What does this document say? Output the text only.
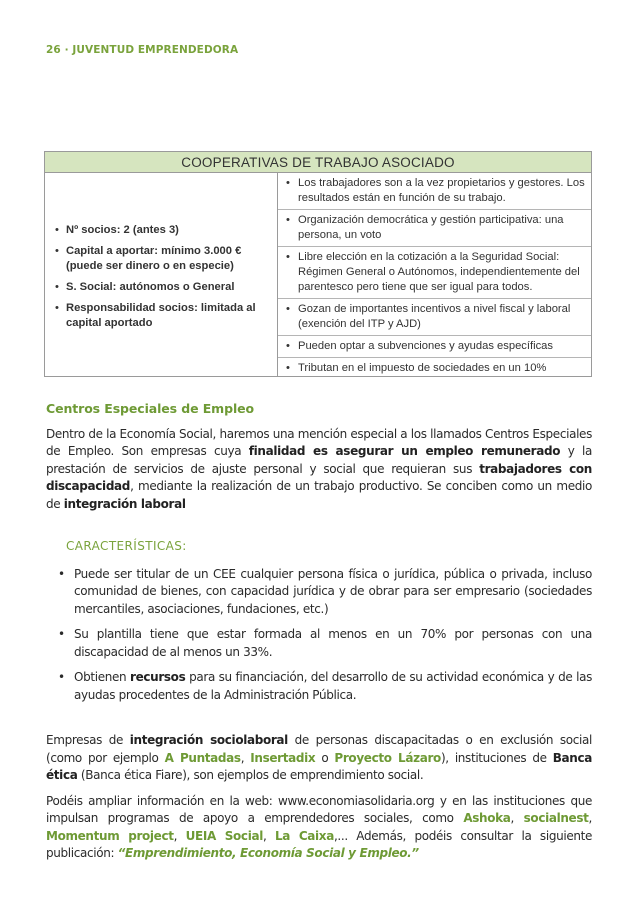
26 · JUVENTUD EMPRENDEDORA
COOPERATIVAS DE TRABAJO ASOCIADO
• Nº socios: 2 (antes 3)
• Capital a aportar: mínimo 3.000 € (puede ser dinero o en especie)
• S. Social: autónomos o General
• Responsabilidad socios: limitada al capital aportado
• Los trabajadores son a la vez propietarios y gestores. Los resultados están en función de su trabajo.
• Organización democrática y gestión participativa: una persona, un voto
• Libre elección en la cotización a la Seguridad Social: Régimen General o Autónomos, independientemente del parentesco pero tiene que ser igual para todos.
• Gozan de importantes incentivos a nivel fiscal y laboral (exención del ITP y AJD)
• Pueden optar a subvenciones y ayudas específicas
• Tributan en el impuesto de sociedades en un 10%
Centros Especiales de Empleo

Dentro de la Economía Social, haremos una mención especial a los llamados Centros Especiales de Empleo. Son empresas cuya finalidad es asegurar un empleo remunerado y la prestación de servicios de ajuste personal y social que requieran sus trabajadores con discapacidad, mediante la realización de un trabajo productivo. Se conciben como un medio de integración laboral

CARACTERÍSTICAS:
• Puede ser titular de un CEE cualquier persona física o jurídica, pública o privada, incluso comunidad de bienes, con capacidad jurídica y de obrar para ser empresario (sociedades mercantiles, asociaciones, fundaciones, etc.)
• Su plantilla tiene que estar formada al menos en un 70% por personas con una discapacidad de al menos un 33%.
• Obtienen recursos para su financiación, del desarrollo de su actividad económica y de las ayudas procedentes de la Administración Pública.

Empresas de integración sociolaboral de personas discapacitadas o en exclusión social (como por ejemplo A Puntadas, Insertadix o Proyecto Lázaro), instituciones de Banca ética (Banca ética Fiare), son ejemplos de emprendimiento social.

Podéis ampliar información en la web: www.economiasolidaria.org y en las instituciones que impulsan programas de apoyo a emprendedores sociales, como Ashoka, socialnest, Momentum project, UEIA Social, La Caixa,... Además, podéis consultar la siguiente publicación: “Emprendimiento, Economía Social y Empleo.”
